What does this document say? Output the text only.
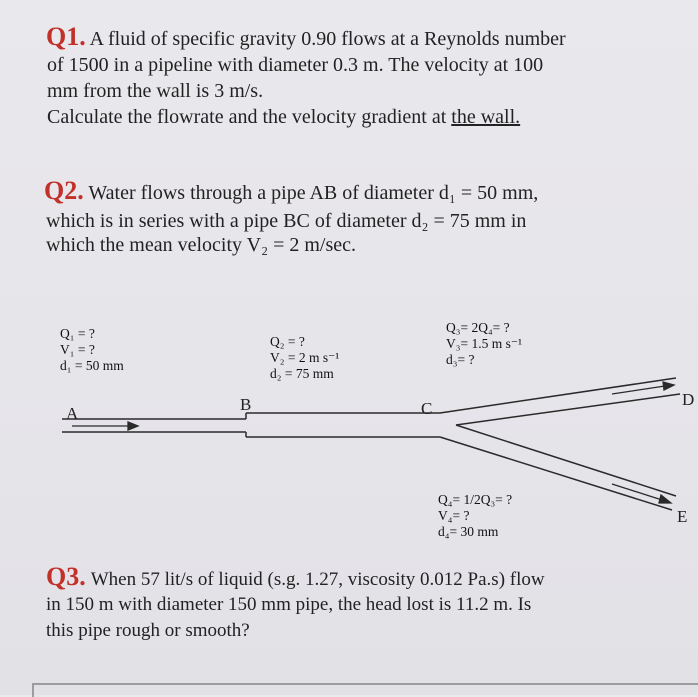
Q1. A fluid of specific gravity 0.90 flows at a Reynolds number
of 1500 in a pipeline with diameter 0.3 m. The velocity at 100
mm from the wall is 3 m/s.
Calculate the flowrate and the velocity gradient at the wall.
Q2. Water flows through a pipe AB of diameter d₁ = 50 mm,
which is in series with a pipe BC of diameter d₂ = 75 mm in
which the mean velocity V₂ = 2 m/sec.
A	B	C	D
E
Q₁ = ?
V₁ = ?
d₁ = 50 mm
Q₂ = ?
V₂ = 2 m s⁻¹
d₂ = 75 mm
Q₃= 2Q₄= ?
V₃= 1.5 m s⁻¹
d₃= ?
Q₄= 1/2Q₃= ?
V₄= ?
d₄= 30 mm
Q3. When 57 lit/s of liquid (s.g. 1.27, viscosity 0.012 Pa.s) flow
in 150 m with diameter 150 mm pipe, the head lost is 11.2 m. Is
this pipe rough or smooth?
